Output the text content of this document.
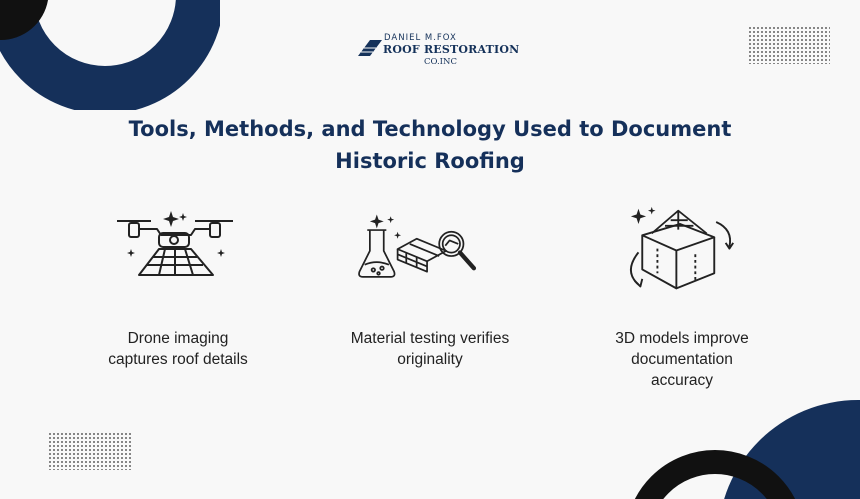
DANIEL M.FOX
ROOF RESTORATION
CO.INC
Tools, Methods, and Technology Used to Document
Historic Roofing
Drone imaging
captures roof details
Material testing verifies
originality
3D models improve
documentation
accuracy
